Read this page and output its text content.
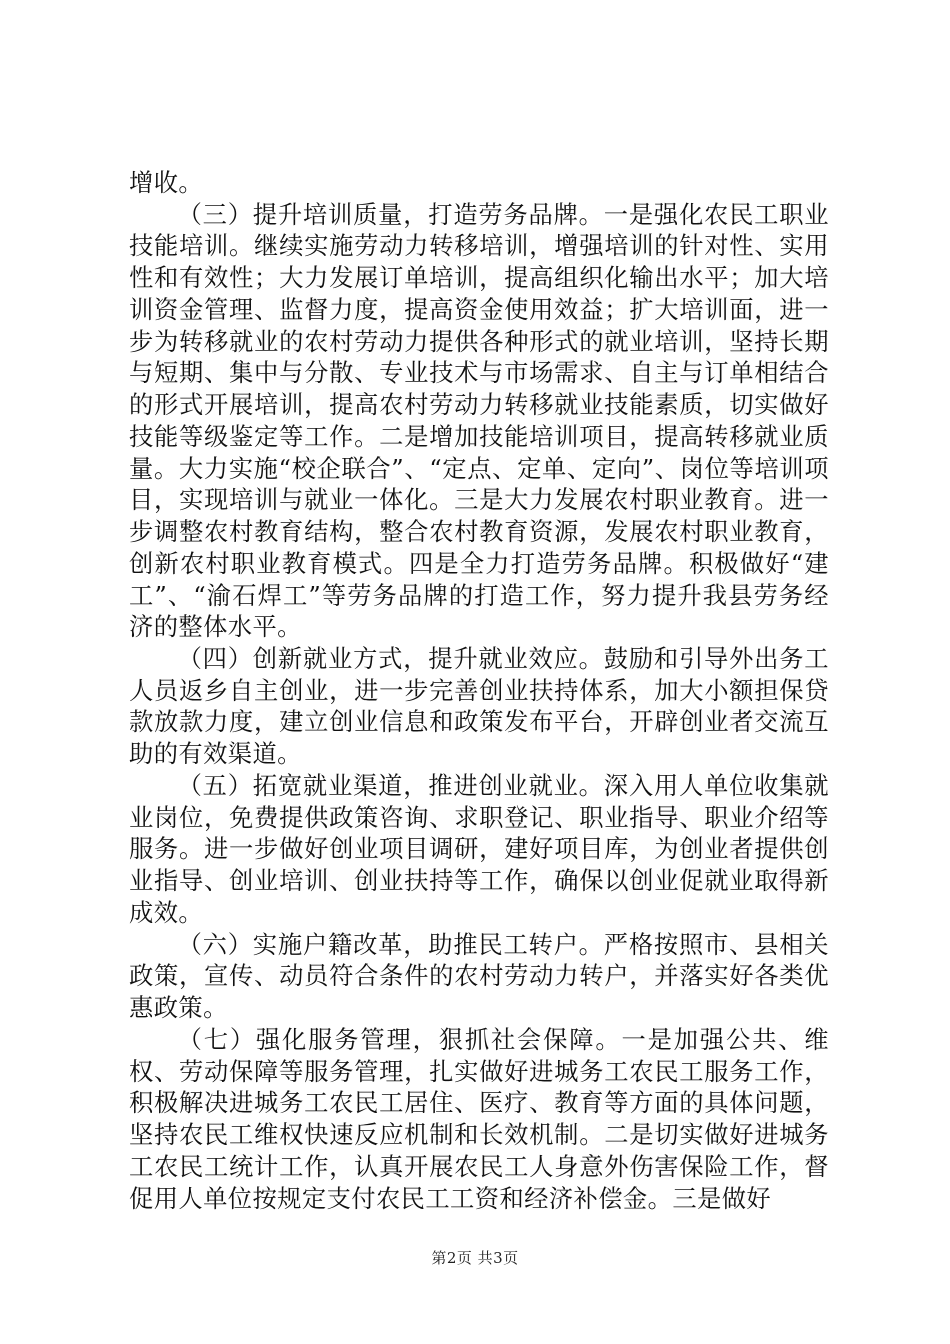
增收。

（三）提升培训质量，打造劳务品牌。一是强化农民工职业技能培训。继续实施劳动力转移培训，增强培训的针对性、实用性和有效性；大力发展订单培训，提高组织化输出水平；加大培训资金管理、监督力度，提高资金使用效益；扩大培训面，进一步为转移就业的农村劳动力提供各种形式的就业培训，坚持长期与短期、集中与分散、专业技术与市场需求、自主与订单相结合的形式开展培训，提高农村劳动力转移就业技能素质，切实做好技能等级鉴定等工作。二是增加技能培训项目，提高转移就业质量。大力实施“校企联合”、“定点、定单、定向”、岗位等培训项目，实现培训与就业一体化。三是大力发展农村职业教育。进一步调整农村教育结构，整合农村教育资源，发展农村职业教育，创新农村职业教育模式。四是全力打造劳务品牌。积极做好“建工”、“渝石焊工”等劳务品牌的打造工作，努力提升我县劳务经济的整体水平。

（四）创新就业方式，提升就业效应。鼓励和引导外出务工人员返乡自主创业，进一步完善创业扶持体系，加大小额担保贷款放款力度，建立创业信息和政策发布平台，开辟创业者交流互助的有效渠道。

（五）拓宽就业渠道，推进创业就业。深入用人单位收集就业岗位，免费提供政策咨询、求职登记、职业指导、职业介绍等服务。进一步做好创业项目调研，建好项目库，为创业者提供创业指导、创业培训、创业扶持等工作，确保以创业促就业取得新成效。

（六）实施户籍改革，助推民工转户。严格按照市、县相关政策，宣传、动员符合条件的农村劳动力转户，并落实好各类优惠政策。

（七）强化服务管理，狠抓社会保障。一是加强公共、维权、劳动保障等服务管理，扎实做好进城务工农民工服务工作，积极解决进城务工农民工居住、医疗、教育等方面的具体问题，坚持农民工维权快速反应机制和长效机制。二是切实做好进城务工农民工统计工作，认真开展农民工人身意外伤害保险工作，督促用人单位按规定支付农民工工资和经济补偿金。三是做好

第2页 共3页
